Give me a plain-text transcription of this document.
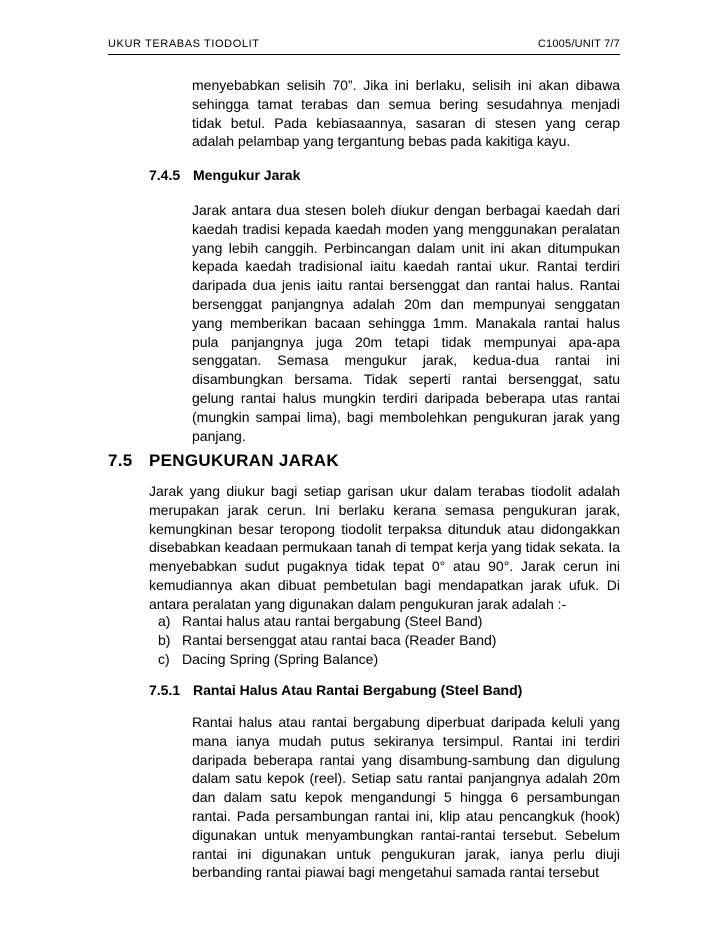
UKUR TERABAS TIODOLIT	C1005/UNIT 7/7
menyebabkan selisih 70”. Jika ini berlaku, selisih ini akan dibawa sehingga tamat terabas dan semua bering sesudahnya menjadi tidak betul. Pada kebiasaannya, sasaran di stesen yang cerap adalah pelambap yang tergantung bebas pada kakitiga kayu.
7.4.5 Mengukur Jarak
Jarak antara dua stesen boleh diukur dengan berbagai kaedah dari kaedah tradisi kepada kaedah moden yang menggunakan peralatan yang lebih canggih. Perbincangan dalam unit ini akan ditumpukan kepada kaedah tradisional iaitu kaedah rantai ukur. Rantai terdiri daripada dua jenis iaitu rantai bersenggat dan rantai halus. Rantai bersenggat panjangnya adalah 20m dan mempunyai senggatan yang memberikan bacaan sehingga 1mm. Manakala rantai halus pula panjangnya juga 20m tetapi tidak mempunyai apa-apa senggatan. Semasa mengukur jarak, kedua-dua rantai ini disambungkan bersama. Tidak seperti rantai bersenggat, satu gelung rantai halus mungkin terdiri daripada beberapa utas rantai (mungkin sampai lima), bagi membolehkan pengukuran jarak yang panjang.
7.5 PENGUKURAN JARAK
Jarak yang diukur bagi setiap garisan ukur dalam terabas tiodolit adalah merupakan jarak cerun. Ini berlaku kerana semasa pengukuran jarak, kemungkinan besar teropong tiodolit terpaksa ditunduk atau didongakkan disebabkan keadaan permukaan tanah di tempat kerja yang tidak sekata. Ia menyebabkan sudut pugaknya tidak tepat 0° atau 90°. Jarak cerun ini kemudiannya akan dibuat pembetulan bagi mendapatkan jarak ufuk. Di antara peralatan yang digunakan dalam pengukuran jarak adalah :-
a) Rantai halus atau rantai bergabung (Steel Band)
b) Rantai bersenggat atau rantai baca (Reader Band)
c) Dacing Spring (Spring Balance)
7.5.1 Rantai Halus Atau Rantai Bergabung (Steel Band)
Rantai halus atau rantai bergabung diperbuat daripada keluli yang mana ianya mudah putus sekiranya tersimpul. Rantai ini terdiri daripada beberapa rantai yang disambung-sambung dan digulung dalam satu kepok (reel). Setiap satu rantai panjangnya adalah 20m dan dalam satu kepok mengandungi 5 hingga 6 persambungan rantai. Pada persambungan rantai ini, klip atau pencangkuk (hook) digunakan untuk menyambungkan rantai-rantai tersebut. Sebelum rantai ini digunakan untuk pengukuran jarak, ianya perlu diuji berbanding rantai piawai bagi mengetahui samada rantai tersebut
